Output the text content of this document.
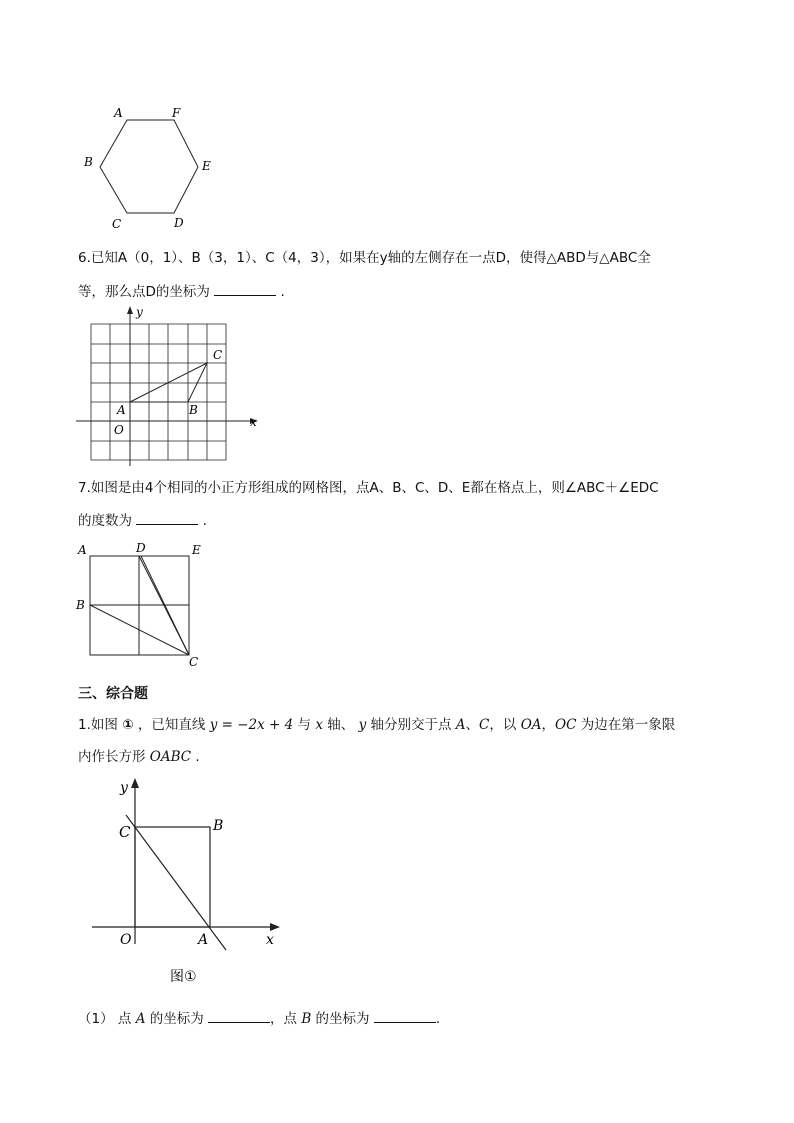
A	F
B	E
C	D
6.已知A（0，1）、B（3，1）、C（4，3），如果在y轴的左侧存在一点D，使得△ABD与△ABC全
等，那么点D的坐标为	.
y
x
O
A	B
C
7.如图是由4个相同的小正方形组成的网格图，点A、B、C、D、E都在格点上，则∠ABC＋∠EDC
的度数为	.
A	D	E
B
C
三、综合题
1.如图 ① ，已知直线 y = −2x + 4 与 x 轴、 y 轴分别交于点 A、C，以 OA，OC 为边在第一象限
内作长方形 OABC .
y
x
C	B
O	A
图①
（1） 点 A 的坐标为	，点 B 的坐标为	.
